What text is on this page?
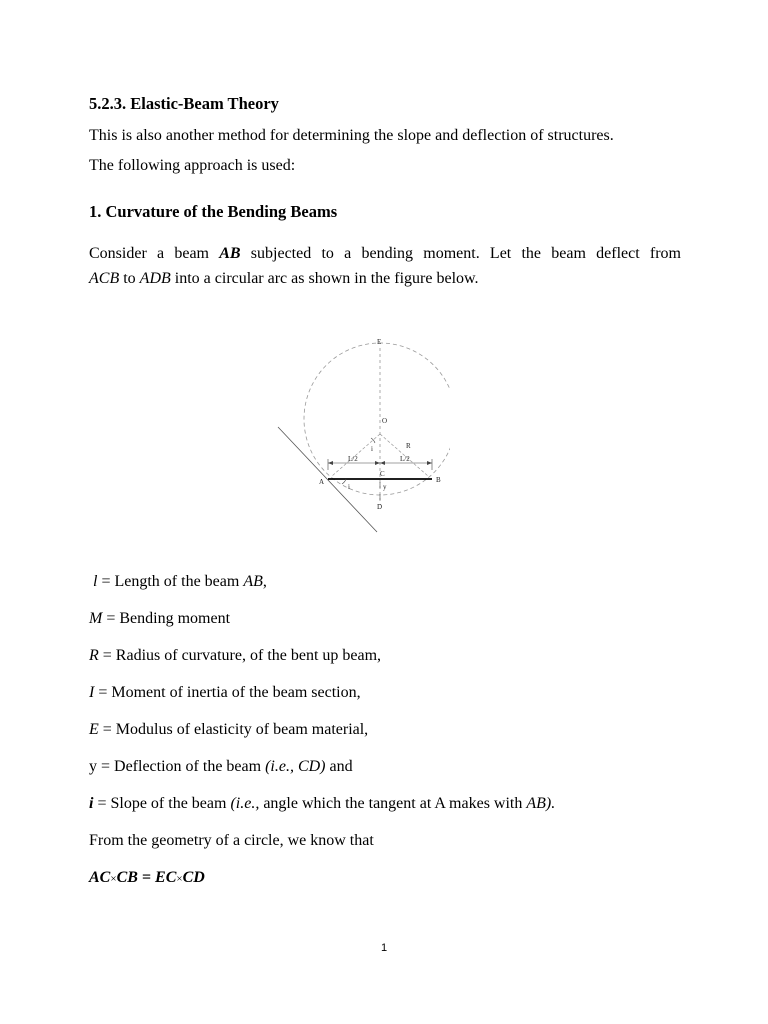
5.2.3. Elastic-Beam Theory
This is also another method for determining the slope and deflection of structures.
The following approach is used:
1. Curvature of the Bending Beams
Consider a beam AB subjected to a bending moment. Let the beam deflect from
ACB to ADB into a circular arc as shown in the figure below.
E
O
R
i
L/2	L/2
C
A	B
i	y
D
l = Length of the beam AB,
M = Bending moment
R = Radius of curvature, of the bent up beam,
I = Moment of inertia of the beam section,
E = Modulus of elasticity of beam material,
y = Deflection of the beam (i.e., CD) and
i = Slope of the beam (i.e., angle which the tangent at A makes with AB).
From the geometry of a circle, we know that
AC×CB = EC×CD
1
